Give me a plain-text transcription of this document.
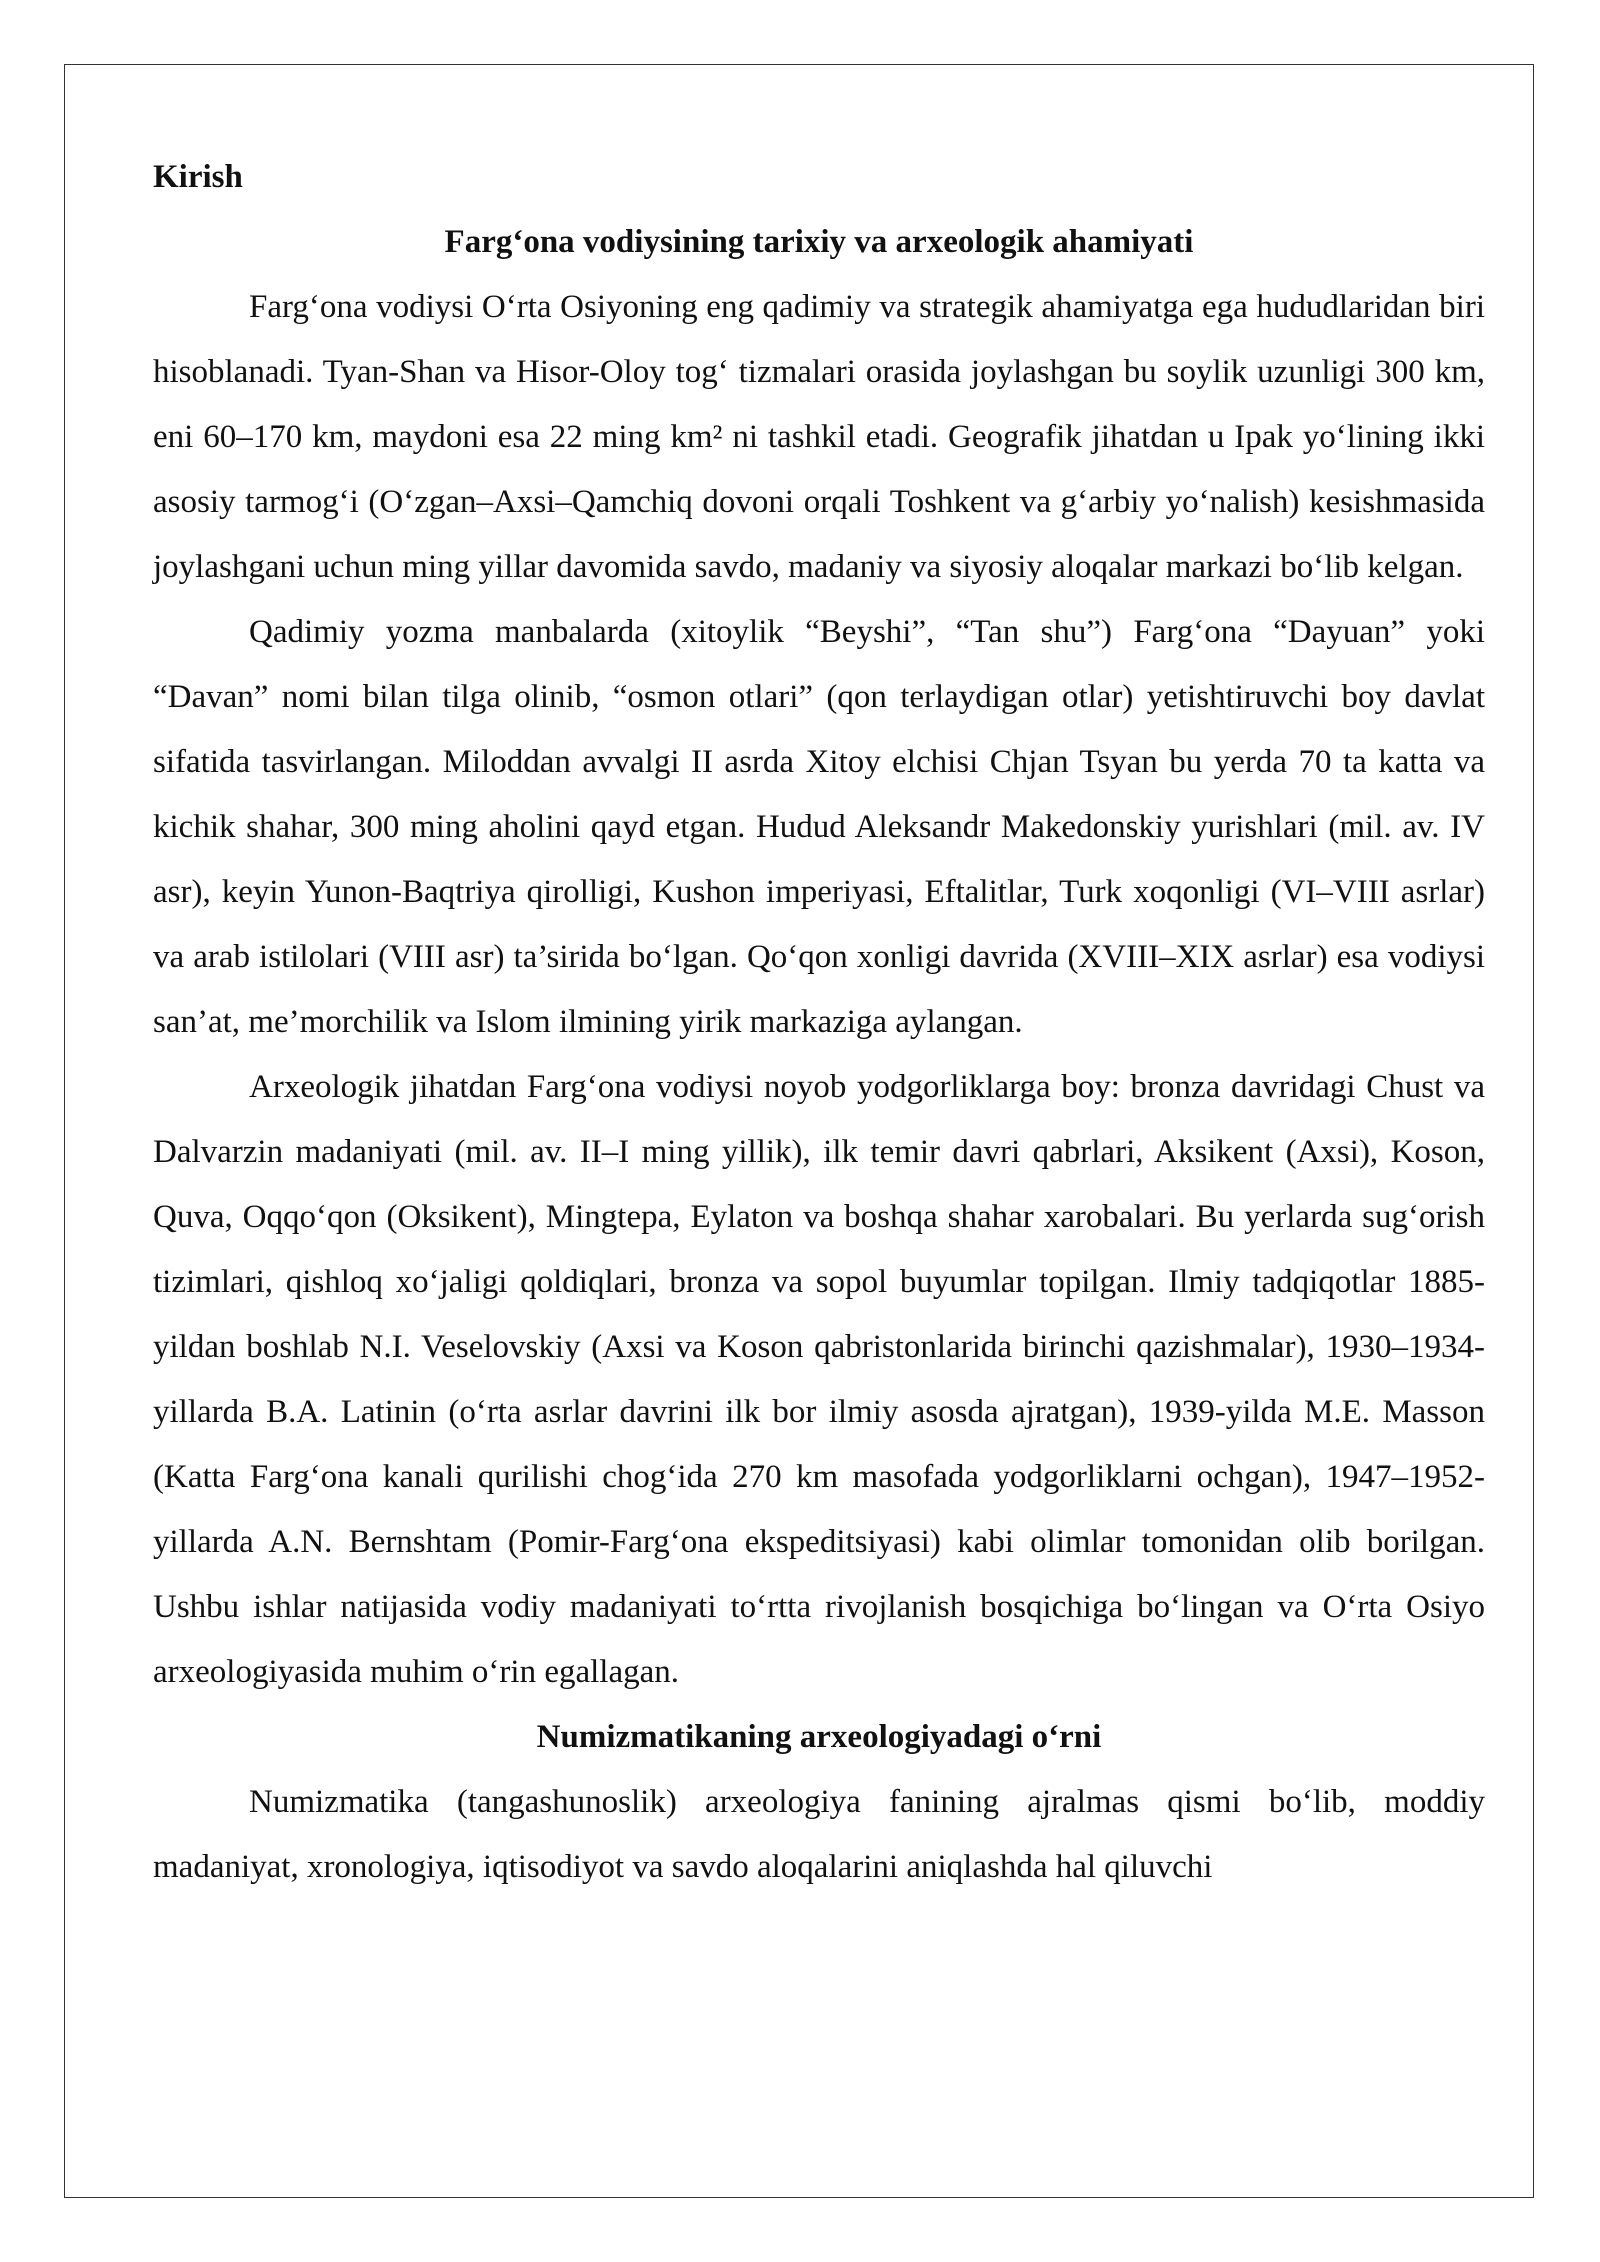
Kirish
Farg‘ona vodiysining tarixiy va arxeologik ahamiyati

Farg‘ona vodiysi O‘rta Osiyoning eng qadimiy va strategik ahamiyatga ega hududlaridan biri hisoblanadi. Tyan-Shan va Hisor-Oloy tog‘ tizmalari orasida joylashgan bu soylik uzunligi 300 km, eni 60–170 km, maydoni esa 22 ming km² ni tashkil etadi. Geografik jihatdan u Ipak yo‘lining ikki asosiy tarmog‘i (O‘zgan–Axsi–Qamchiq dovoni orqali Toshkent va g‘arbiy yo‘nalish) kesishmasida joylashgani uchun ming yillar davomida savdo, madaniy va siyosiy aloqalar markazi bo‘lib kelgan.

Qadimiy yozma manbalarda (xitoylik “Beyshi”, “Tan shu”) Farg‘ona “Dayuan” yoki “Davan” nomi bilan tilga olinib, “osmon otlari” (qon terlaydigan otlar) yetishtiruvchi boy davlat sifatida tasvirlangan. Miloddan avvalgi II asrda Xitoy elchisi Chjan Tsyan bu yerda 70 ta katta va kichik shahar, 300 ming aholini qayd etgan. Hudud Aleksandr Makedonskiy yurishlari (mil. av. IV asr), keyin Yunon-Baqtriya qirolligi, Kushon imperiyasi, Eftalitlar, Turk xoqonligi (VI–VIII asrlar) va arab istilolari (VIII asr) ta’sirida bo‘lgan. Qo‘qon xonligi davrida (XVIII–XIX asrlar) esa vodiysi san’at, me’morchilik va Islom ilmining yirik markaziga aylangan.

Arxeologik jihatdan Farg‘ona vodiysi noyob yodgorliklarga boy: bronza davridagi Chust va Dalvarzin madaniyati (mil. av. II–I ming yillik), ilk temir davri qabrlari, Aksikent (Axsi), Koson, Quva, Oqqo‘qon (Oksikent), Mingtepa, Eylaton va boshqa shahar xarobalari. Bu yerlarda sug‘orish tizimlari, qishloq xo‘jaligi qoldiqlari, bronza va sopol buyumlar topilgan. Ilmiy tadqiqotlar 1885-yildan boshlab N.I. Veselovskiy (Axsi va Koson qabristonlarida birinchi qazishmalar), 1930–1934-yillarda B.A. Latinin (o‘rta asrlar davrini ilk bor ilmiy asosda ajratgan), 1939-yilda M.E. Masson (Katta Farg‘ona kanali qurilishi chog‘ida 270 km masofada yodgorliklarni ochgan), 1947–1952-yillarda A.N. Bernshtam (Pomir-Farg‘ona ekspeditsiyasi) kabi olimlar tomonidan olib borilgan. Ushbu ishlar natijasida vodiy madaniyati to‘rtta rivojlanish bosqichiga bo‘lingan va O‘rta Osiyo arxeologiyasida muhim o‘rin egallagan.

Numizmatikaning arxeologiyadagi o‘rni

Numizmatika (tangashunoslik) arxeologiya fanining ajralmas qismi bo‘lib, moddiy madaniyat, xronologiya, iqtisodiyot va savdo aloqalarini aniqlashda hal qiluvchi
